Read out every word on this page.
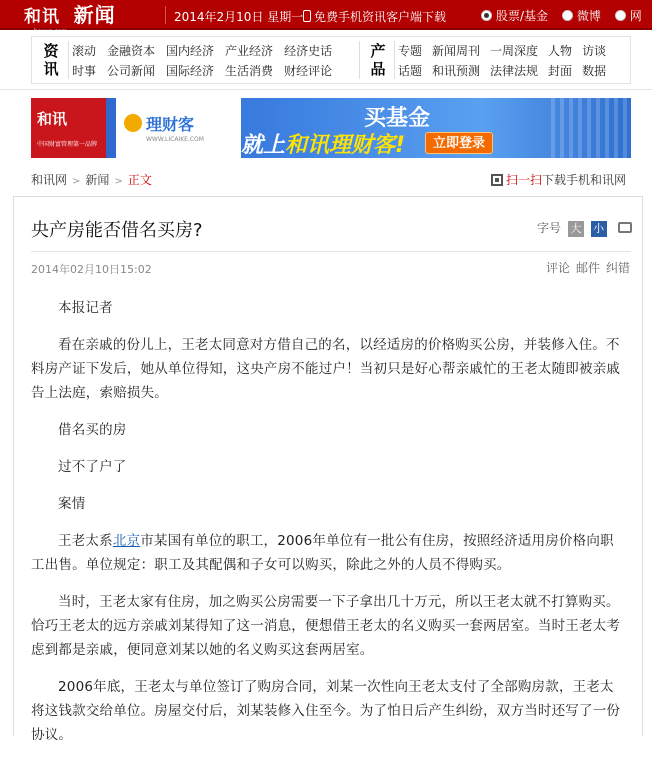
和讯
hexun.com
新闻	2014年2月10日 星期一 免费手机资讯客户端下载	股票/基金 微博 网
资
讯
滚动 金融资本 国内经济 产业经济 经济史话
时事 公司新闻 国际经济 生活消费 财经评论
产
品
专题 新闻周刊 一周深度 人物 访谈
话题 和讯预测 法律法规 封面 数据
和讯
中国财富管理第一品牌
理财客
WWW.LICAIKE.COM
买基金
就上和讯理财客!	立即登录
和讯网 > 新闻 > 正文	扫一扫下载手机和讯网
央产房能否借名买房?	字号 大 小
2014年02月10日15:02	评论 邮件 纠错

本报记者

看在亲戚的份儿上，王老太同意对方借自己的名，以经适房的价格购买公房，并装修入住。不料房产证下发后，她从单位得知，这央产房不能过户！当初只是好心帮亲戚忙的王老太随即被亲戚告上法庭，索赔损失。

借名买的房

过不了户了

案情

王老太系北京市某国有单位的职工，2006年单位有一批公有住房，按照经济适用房价格向职工出售。单位规定：职工及其配偶和子女可以购买，除此之外的人员不得购买。

当时，王老太家有住房，加之购买公房需要一下子拿出几十万元，所以王老太就不打算购买。恰巧王老太的远方亲戚刘某得知了这一消息，便想借王老太的名义购买一套两居室。当时王老太考虑到都是亲戚，便同意刘某以她的名义购买这套两居室。

2006年底，王老太与单位签订了购房合同，刘某一次性向王老太支付了全部购房款，王老太将这钱款交给单位。房屋交付后，刘某装修入住至今。为了怕日后产生纠纷，双方当时还写了一份协议。
